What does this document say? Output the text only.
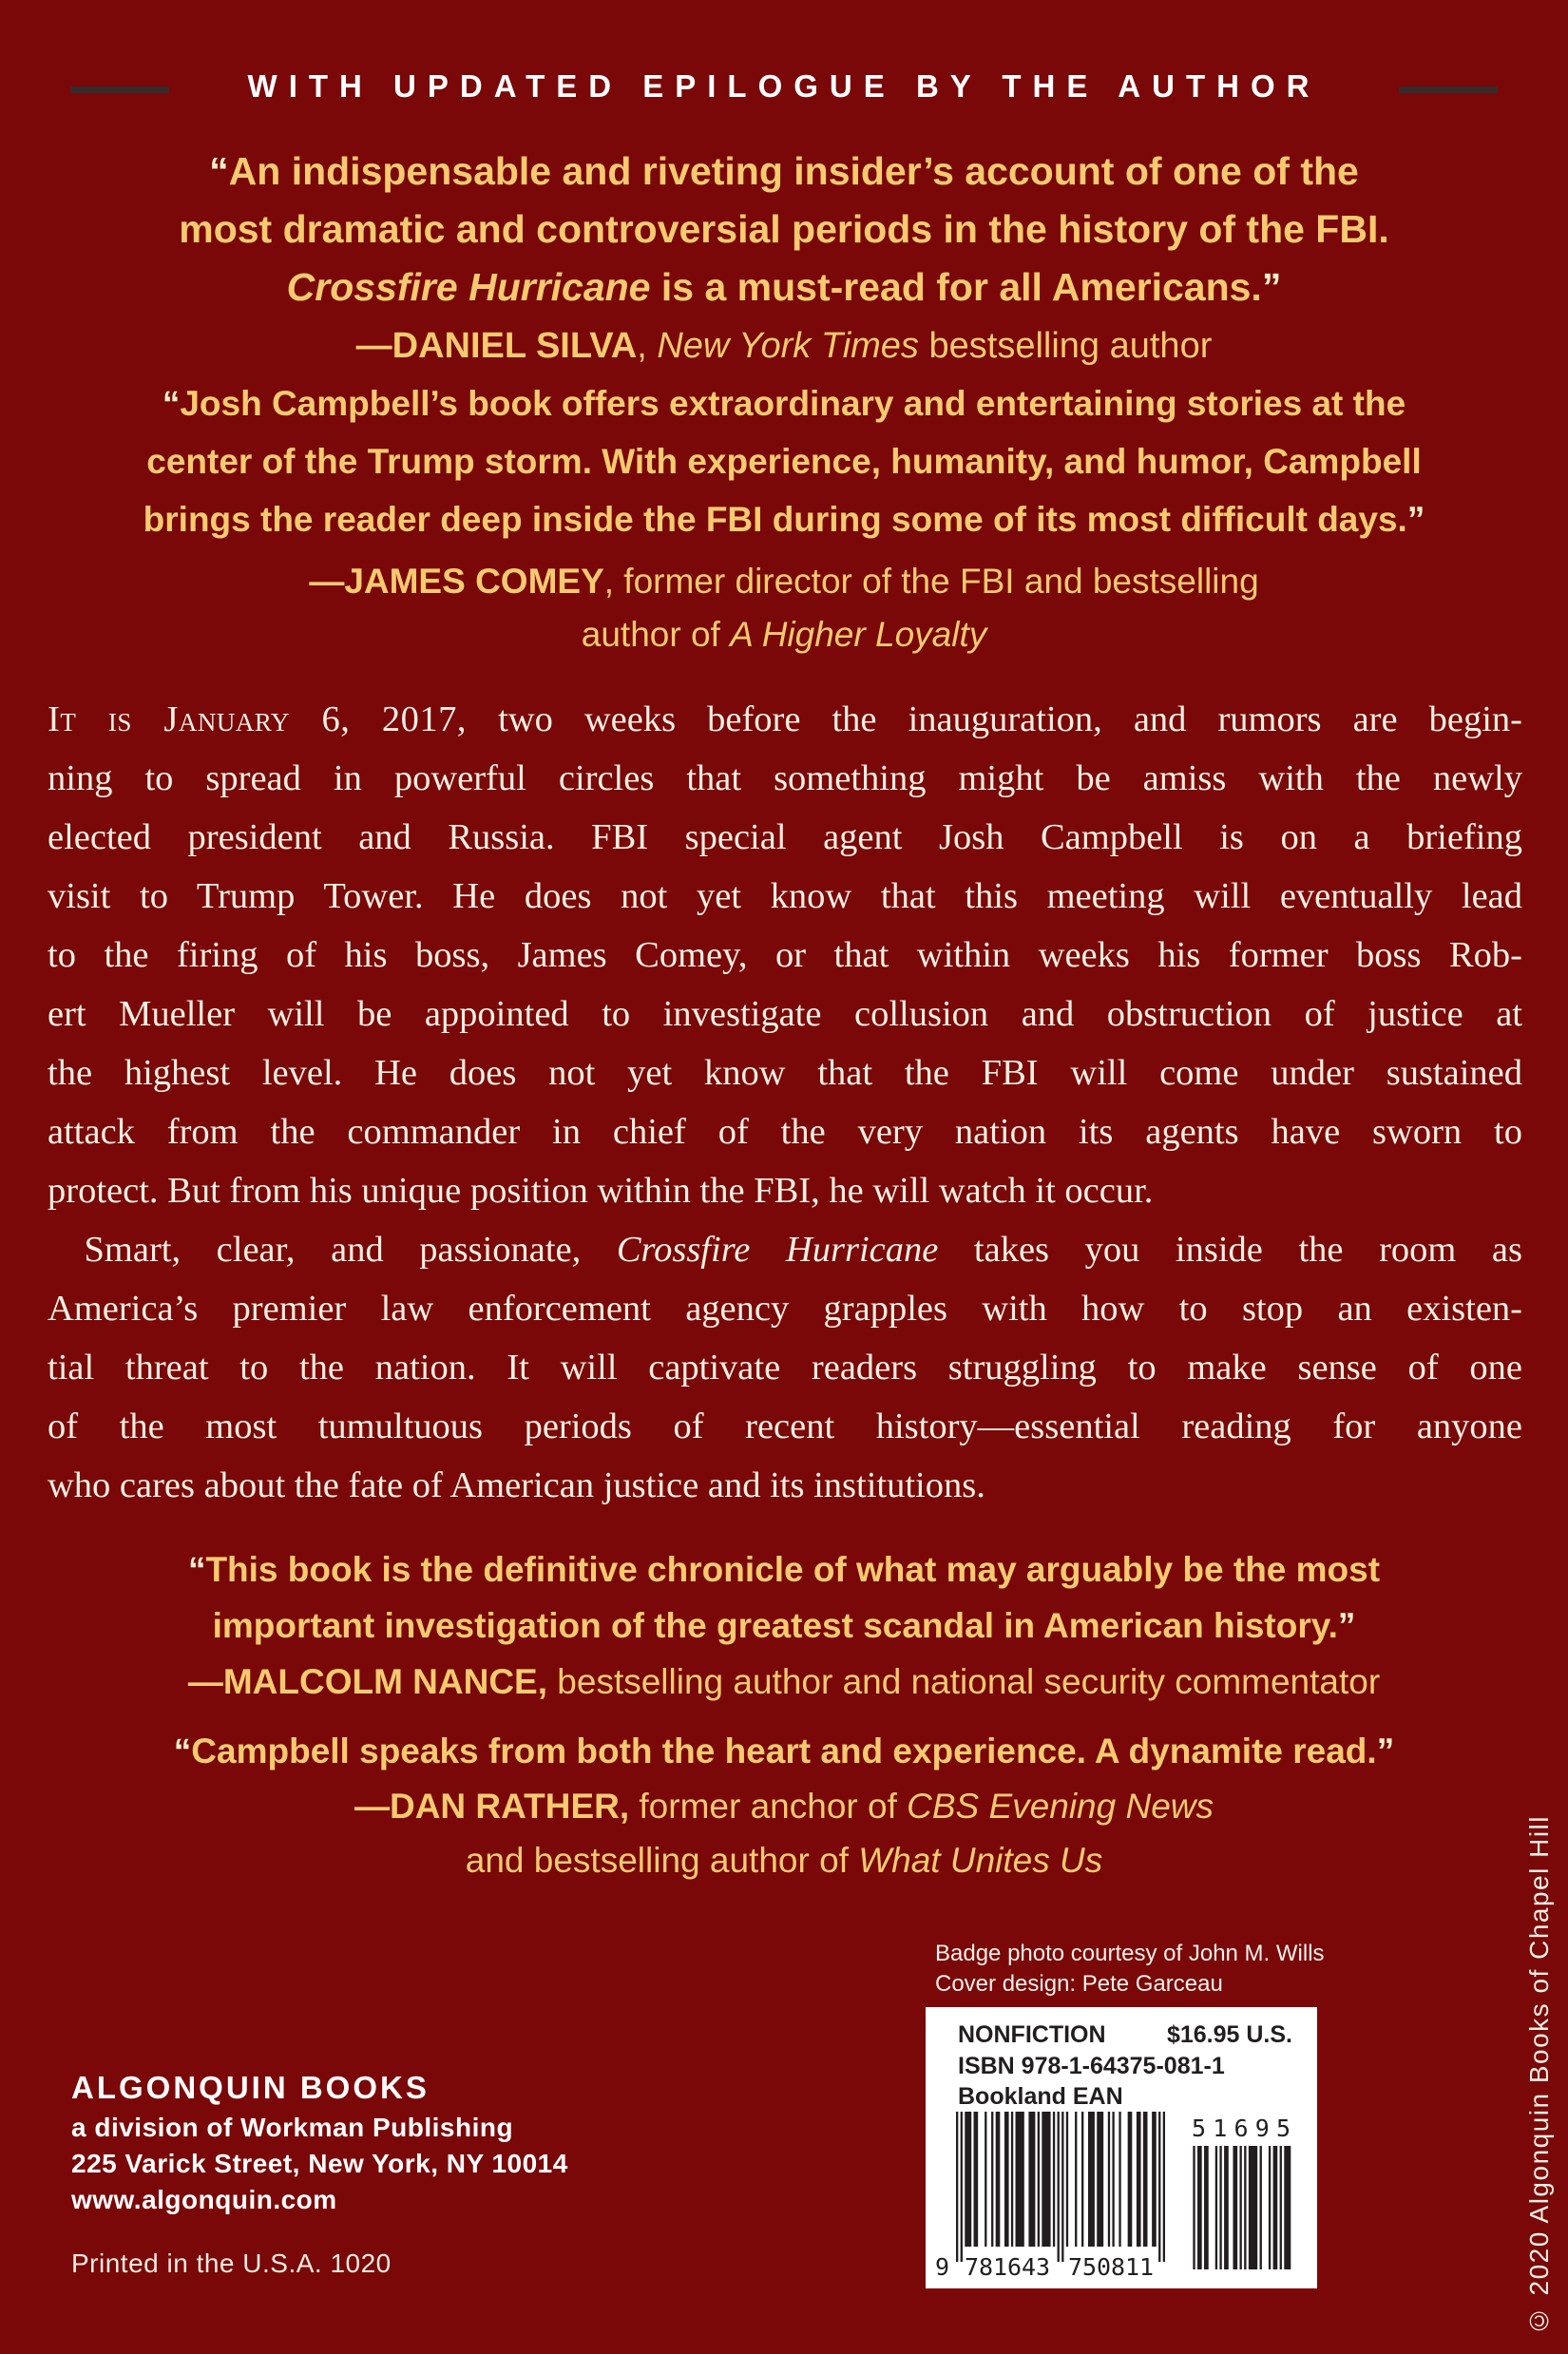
WITH UPDATED EPILOGUE BY THE AUTHOR
“An indispensable and riveting insider’s account of one of the
most dramatic and controversial periods in the history of the FBI.
Crossfire Hurricane is a must-read for all Americans.”
—DANIEL SILVA, New York Times bestselling author
“Josh Campbell’s book offers extraordinary and entertaining stories at the
center of the Trump storm. With experience, humanity, and humor, Campbell
brings the reader deep inside the FBI during some of its most difficult days.”
—JAMES COMEY, former director of the FBI and bestselling
author of A Higher Loyalty
It is January 6, 2017, two weeks before the inauguration, and rumors are begin-
ning to spread in powerful circles that something might be amiss with the newly
elected president and Russia. FBI special agent Josh Campbell is on a briefing
visit to Trump Tower. He does not yet know that this meeting will eventually lead
to the firing of his boss, James Comey, or that within weeks his former boss Rob-
ert Mueller will be appointed to investigate collusion and obstruction of justice at
the highest level. He does not yet know that the FBI will come under sustained
attack from the commander in chief of the very nation its agents have sworn to
protect. But from his unique position within the FBI, he will watch it occur.
 Smart, clear, and passionate, Crossfire Hurricane takes you inside the room as
America’s premier law enforcement agency grapples with how to stop an existen-
tial threat to the nation. It will captivate readers struggling to make sense of one
of the most tumultuous periods of recent history—essential reading for anyone
who cares about the fate of American justice and its institutions.
“This book is the definitive chronicle of what may arguably be the most
important investigation of the greatest scandal in American history.”
—MALCOLM NANCE, bestselling author and national security commentator
“Campbell speaks from both the heart and experience. A dynamite read.”
—DAN RATHER, former anchor of CBS Evening News
and bestselling author of What Unites Us
Badge photo courtesy of John M. Wills
Cover design: Pete Garceau
NONFICTION	$16.95 U.S.
ISBN 978-1-64375-081-1
Bookland EAN
9 781643 750811
51695
ALGONQUIN BOOKS
a division of Workman Publishing
225 Varick Street, New York, NY 10014
www.algonquin.com
Printed in the U.S.A. 1020	© 2020 Algonquin Books of Chapel Hill
